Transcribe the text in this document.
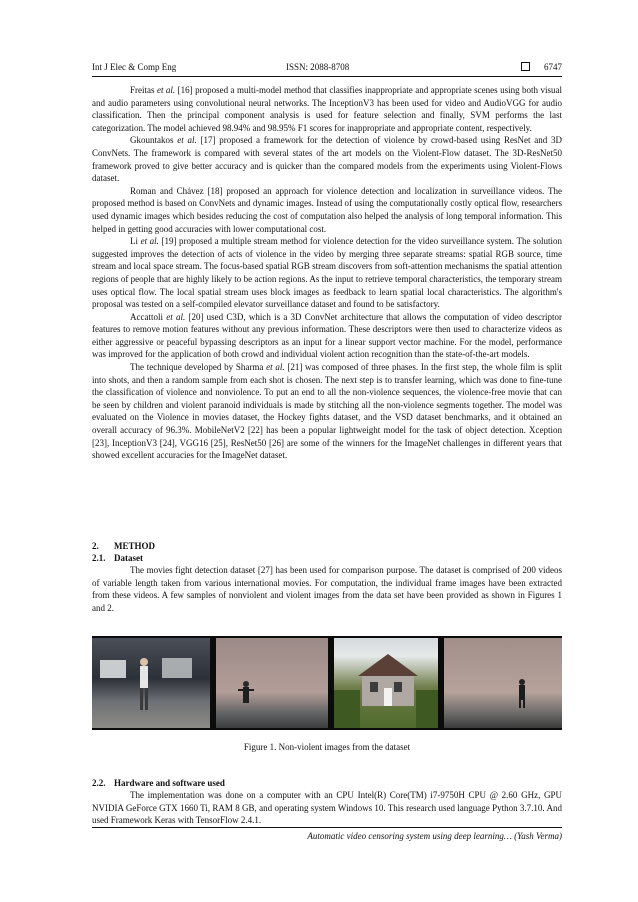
Int J Elec & Comp Eng	ISSN: 2088-8708	6747

Freitas et al. [16] proposed a multi-model method that classifies inappropriate and appropriate scenes using both visual and audio parameters using convolutional neural networks. The InceptionV3 has been used for video and AudioVGG for audio classification. Then the principal component analysis is used for feature selection and finally, SVM performs the last categorization. The model achieved 98.94% and 98.95% F1 scores for inappropriate and appropriate content, respectively.

Gkountakos et al. [17] proposed a framework for the detection of violence by crowd-based using ResNet and 3D ConvNets. The framework is compared with several states of the art models on the Violent-Flow dataset. The 3D-ResNet50 framework proved to give better accuracy and is quicker than the compared models from the experiments using Violent-Flows dataset.

Roman and Chávez [18] proposed an approach for violence detection and localization in surveillance videos. The proposed method is based on ConvNets and dynamic images. Instead of using the computationally costly optical flow, researchers used dynamic images which besides reducing the cost of computation also helped the analysis of long temporal information. This helped in getting good accuracies with lower computational cost.

Li et al. [19] proposed a multiple stream method for violence detection for the video surveillance system. The solution suggested improves the detection of acts of violence in the video by merging three separate streams: spatial RGB source, time stream and local space stream. The focus-based spatial RGB stream discovers from soft-attention mechanisms the spatial attention regions of people that are highly likely to be action regions. As the input to retrieve temporal characteristics, the temporary stream uses optical flow. The local spatial stream uses block images as feedback to learn spatial local characteristics. The algorithm's proposal was tested on a self-compiled elevator surveillance dataset and found to be satisfactory.

Accattoli et al. [20] used C3D, which is a 3D ConvNet architecture that allows the computation of video descriptor features to remove motion features without any previous information. These descriptors were then used to characterize videos as either aggressive or peaceful bypassing descriptors as an input for a linear support vector machine. For the model, performance was improved for the application of both crowd and individual violent action recognition than the state-of-the-art models.

The technique developed by Sharma et al. [21] was composed of three phases. In the first step, the whole film is split into shots, and then a random sample from each shot is chosen. The next step is to transfer learning, which was done to fine-tune the classification of violence and nonviolence. To put an end to all the non-violence sequences, the violence-free movie that can be seen by children and violent paranoid individuals is made by stitching all the non-violence segments together. The model was evaluated on the Violence in movies dataset, the Hockey fights dataset, and the VSD dataset benchmarks, and it obtained an overall accuracy of 96.3%. MobileNetV2 [22] has been a popular lightweight model for the task of object detection. Xception [23], InceptionV3 [24], VGG16 [25], ResNet50 [26] are some of the winners for the ImageNet challenges in different years that showed excellent accuracies for the ImageNet dataset.

2. METHOD
2.1. Dataset

The movies fight detection dataset [27] has been used for comparison purpose. The dataset is comprised of 200 videos of variable length taken from various international movies. For computation, the individual frame images have been extracted from these videos. A few samples of nonviolent and violent images from the data set have been provided as shown in Figures 1 and 2.

Figure 1. Non-violent images from the dataset
2.2. Hardware and software used

The implementation was done on a computer with an CPU Intel(R) Core(TM) i7-9750H CPU @ 2.60 GHz, GPU NVIDIA GeForce GTX 1660 Ti, RAM 8 GB, and operating system Windows 10. This research used language Python 3.7.10. And used Framework Keras with TensorFlow 2.4.1.

Automatic video censoring system using deep learning… (Yash Verma)
